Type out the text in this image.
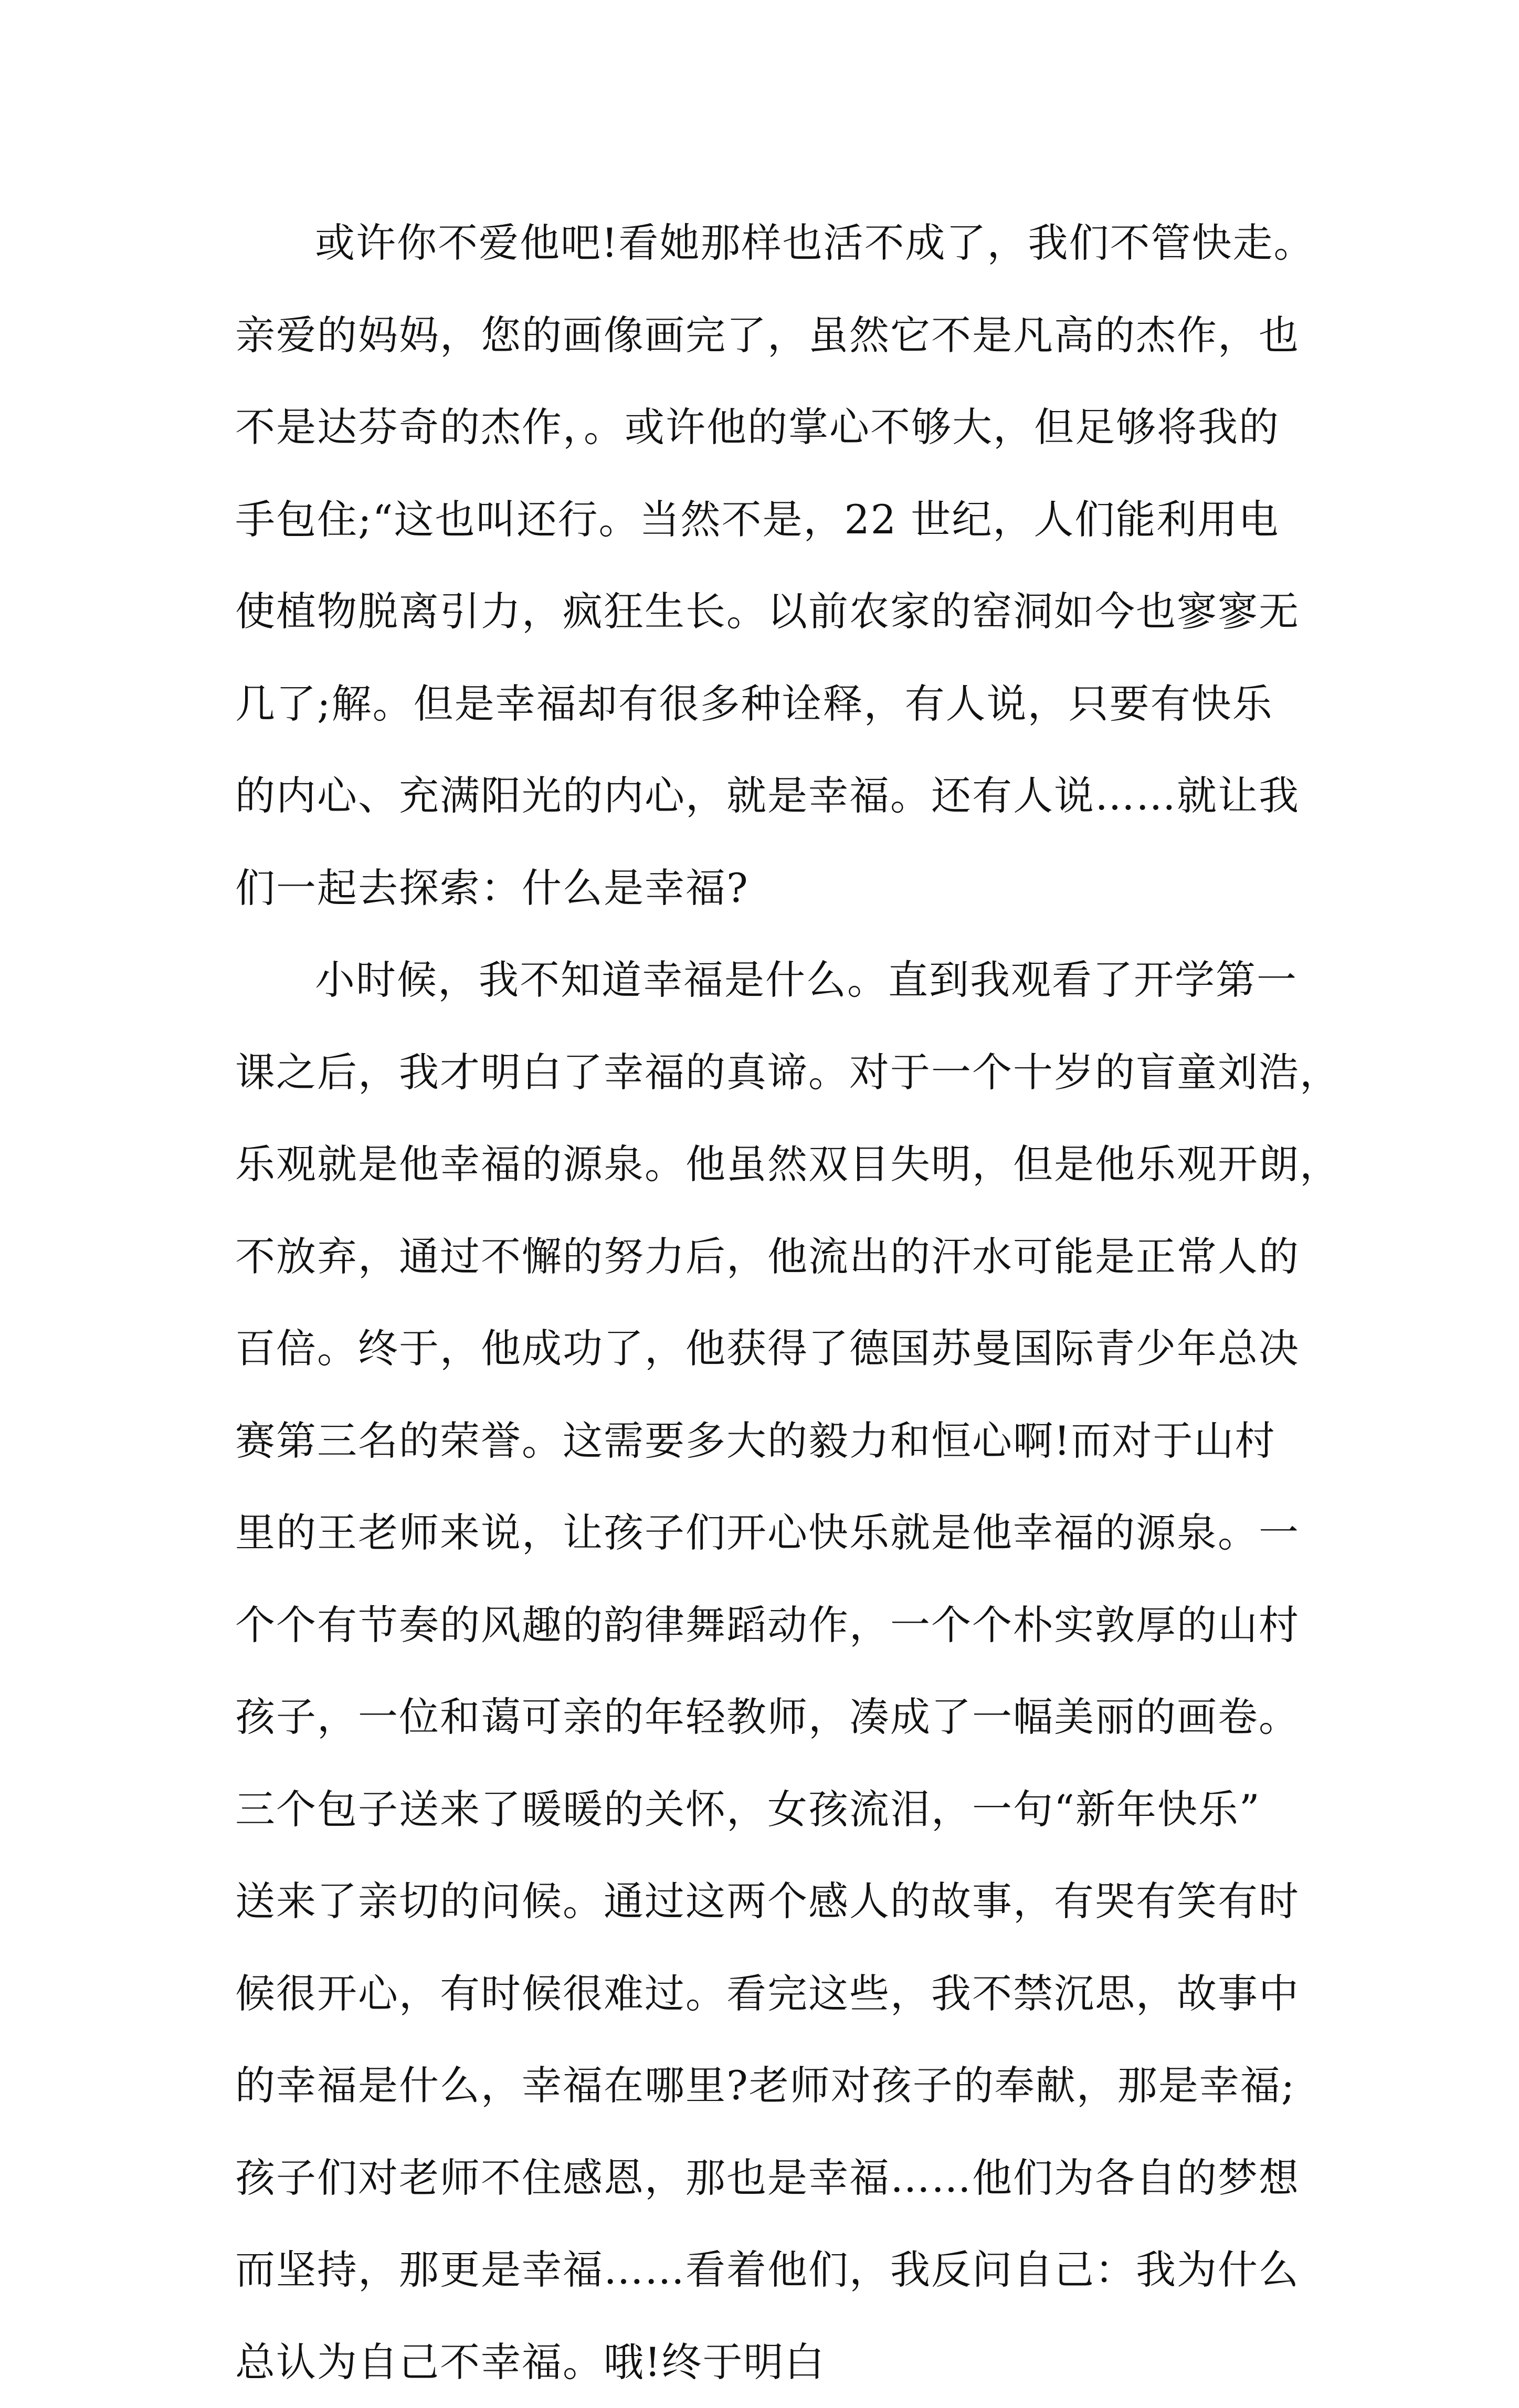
或许你不爱他吧!看她那样也活不成了，我们不管快走。

亲爱的妈妈，您的画像画完了，虽然它不是凡高的杰作，也

不是达芬奇的杰作，。或许他的掌心不够大，但足够将我的

手包住;“这也叫还行。当然不是，22 世纪，人们能利用电

使植物脱离引力，疯狂生长。以前农家的窑洞如今也寥寥无

几了;解。但是幸福却有很多种诠释，有人说，只要有快乐

的内心、充满阳光的内心，就是幸福。还有人说……就让我

们一起去探索：什么是幸福?

小时候，我不知道幸福是什么。直到我观看了开学第一

课之后，我才明白了幸福的真谛。对于一个十岁的盲童刘浩，

乐观就是他幸福的源泉。他虽然双目失明，但是他乐观开朗，

不放弃，通过不懈的努力后，他流出的汗水可能是正常人的

百倍。终于，他成功了，他获得了德国苏曼国际青少年总决

赛第三名的荣誉。这需要多大的毅力和恒心啊!而对于山村

里的王老师来说，让孩子们开心快乐就是他幸福的源泉。一

个个有节奏的风趣的韵律舞蹈动作，一个个朴实敦厚的山村

孩子，一位和蔼可亲的年轻教师，凑成了一幅美丽的画卷。

三个包子送来了暖暖的关怀，女孩流泪，一句“新年快乐”

送来了亲切的问候。通过这两个感人的故事，有哭有笑有时

候很开心，有时候很难过。看完这些，我不禁沉思，故事中

的幸福是什么，幸福在哪里?老师对孩子的奉献，那是幸福;

孩子们对老师不住感恩，那也是幸福……他们为各自的梦想

而坚持，那更是幸福……看着他们，我反问自己：我为什么

总认为自己不幸福。哦!终于明白
